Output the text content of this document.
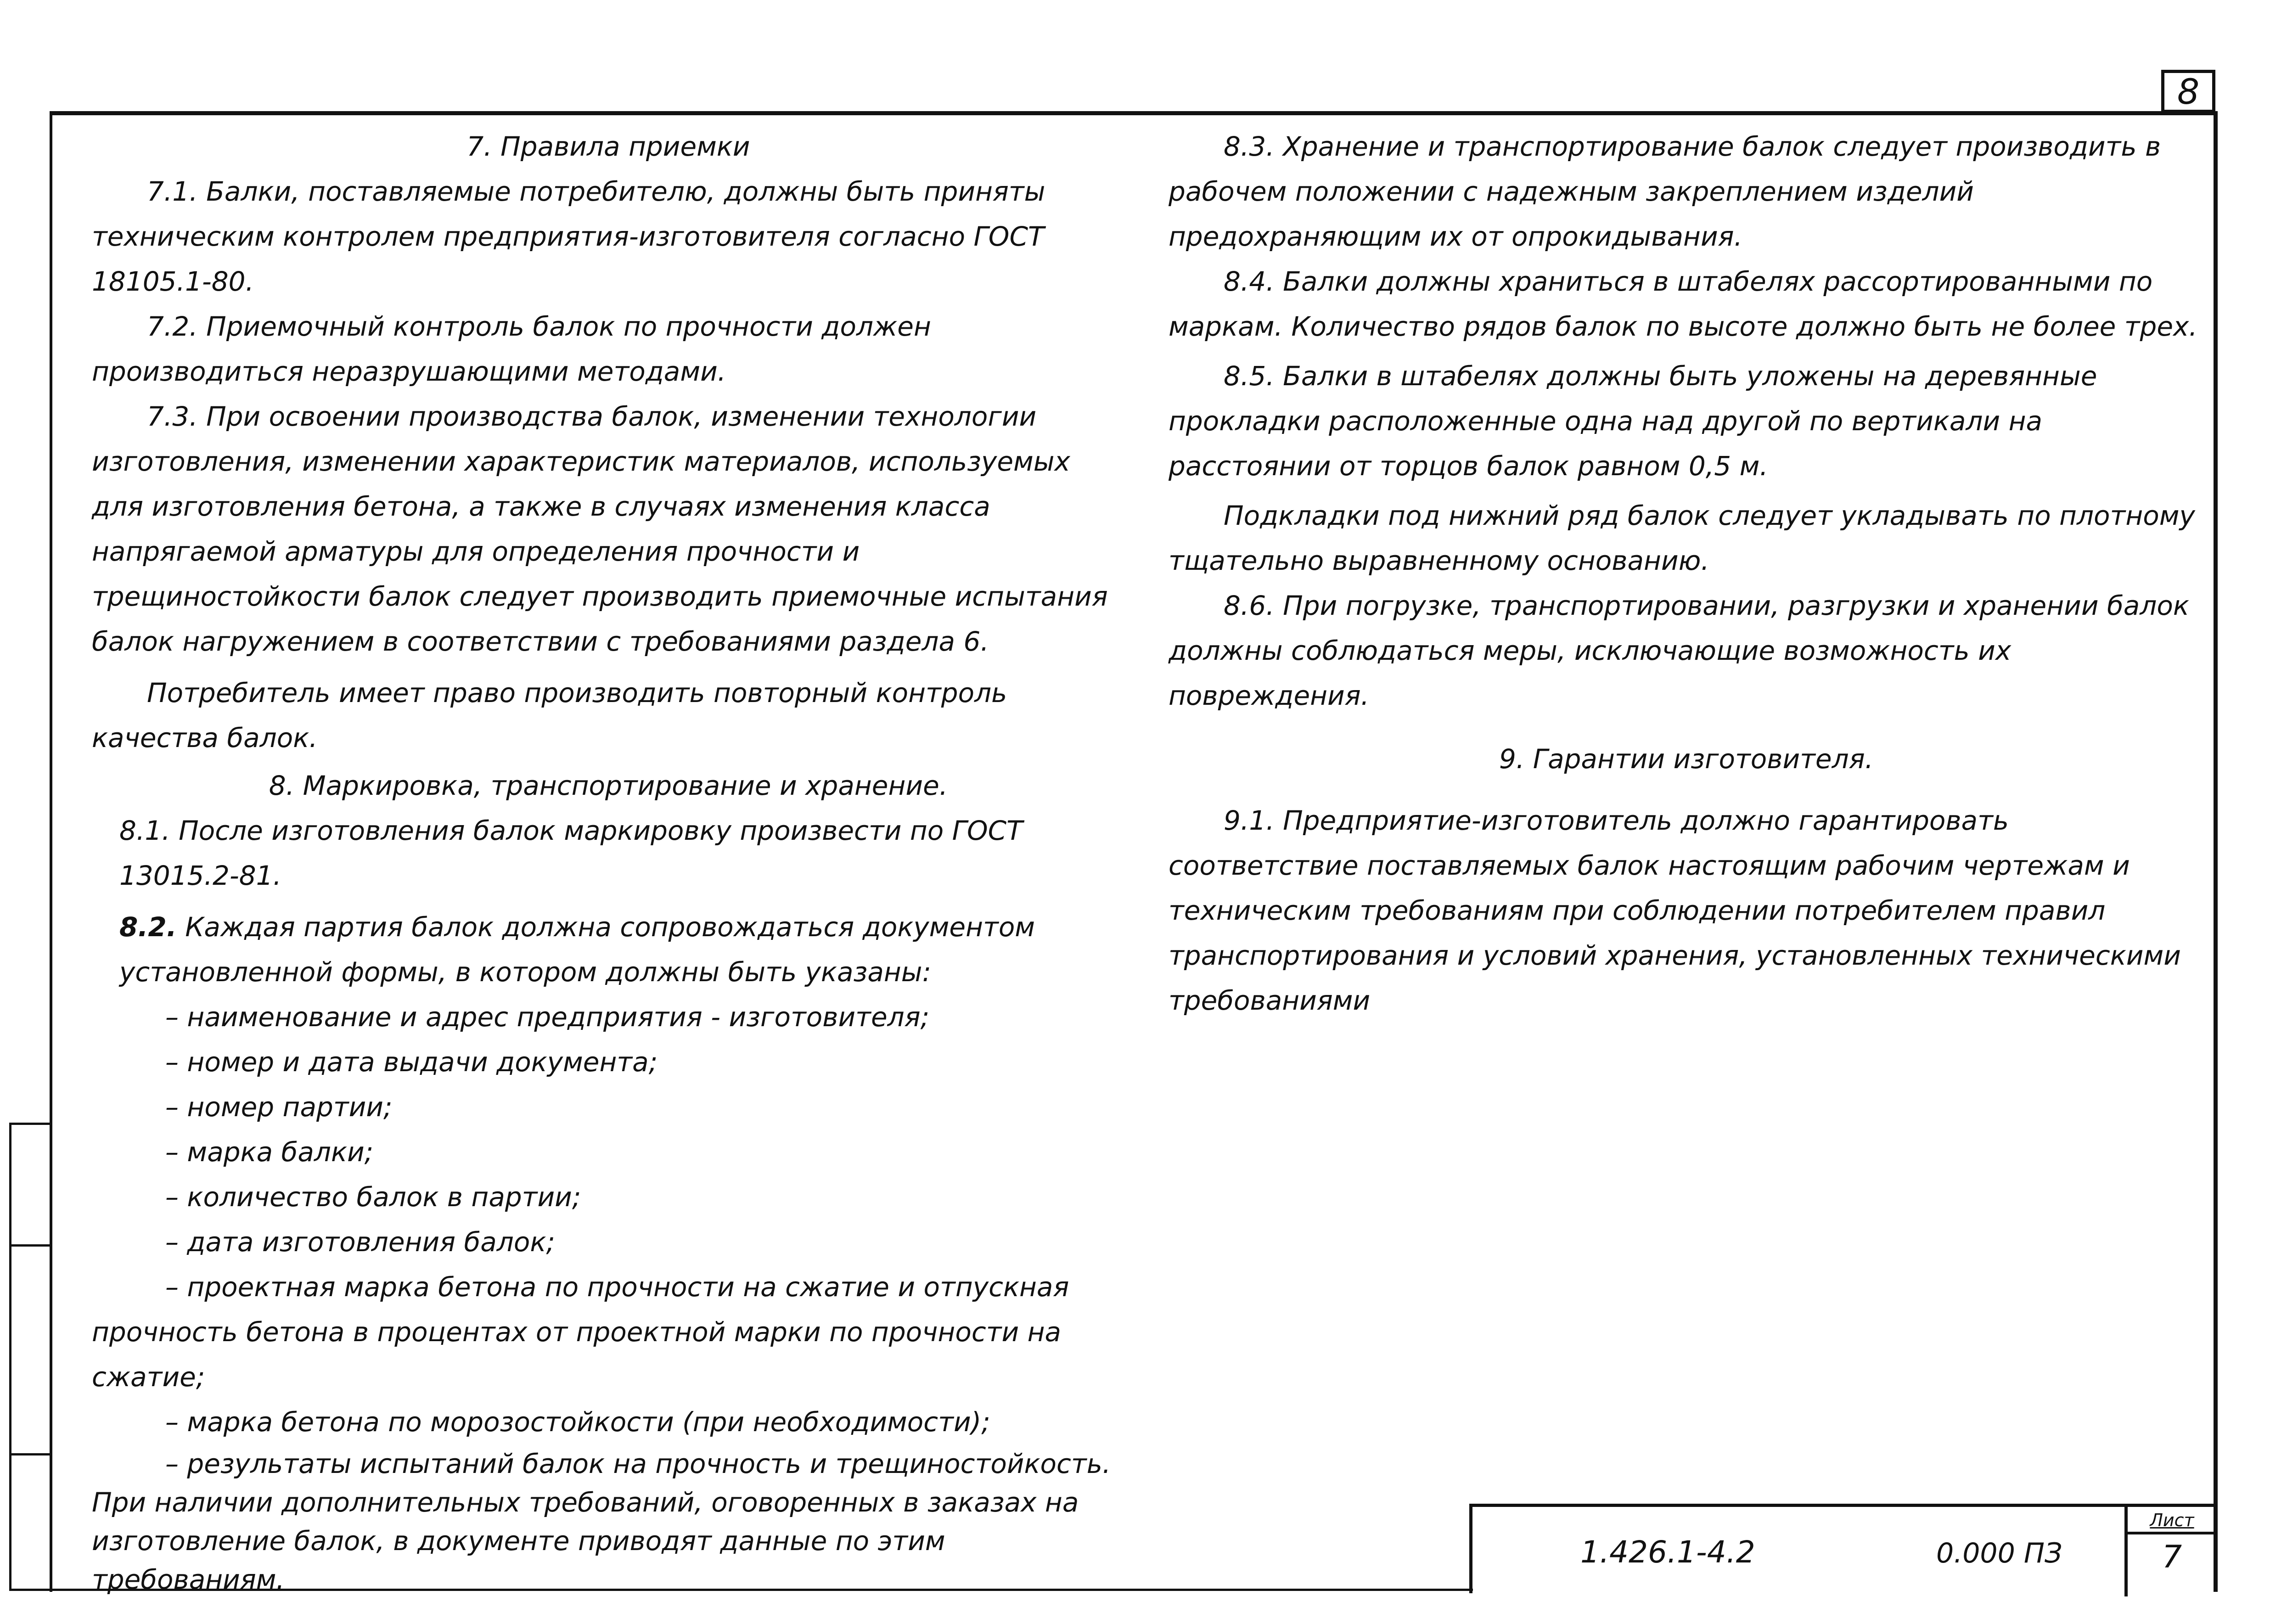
8

7. Правила приемки

7.1. Балки, поставляемые потребителю, должны быть приняты техническим контролем предприятия-изготовителя согласно ГОСТ 18105.1-80.

7.2. Приемочный контроль балок по прочности должен производиться неразрушающими методами.

7.3. При освоении производства балок, изменении технологии изготовления, изменении характеристик материалов, используемых для изготовления бетона, а также в случаях изменения класса напрягаемой арматуры для определения прочности и трещиностойкости балок следует производить приемочные испытания балок нагружением в соответствии с требованиями раздела 6.

Потребитель имеет право производить повторный контроль качества балок.

8. Маркировка, транспортирование и хранение.

8.1. После изготовления балок маркировку произвести по ГОСТ 13015.2-81.

8.2. Каждая партия балок должна сопровождаться документом установленной формы, в котором должны быть указаны:

– наименование и адрес предприятия - изготовителя;

– номер и дата выдачи документа;

– номер партии;

– марка балки;

– количество балок в партии;

– дата изготовления балок;

– проектная марка бетона по прочности на сжатие и отпускная прочность бетона в процентах от проектной марки по прочности на сжатие;

– марка бетона по морозостойкости (при необходимости);

– результаты испытаний балок на прочность и трещиностойкость. При наличии дополнительных требований, оговоренных в заказах на изготовление балок, в документе приводят данные по этим требованиям.

8.3. Хранение и транспортирование балок следует производить в рабочем положении с надежным закреплением изделий предохраняющим их от опрокидывания.

8.4. Балки должны храниться в штабелях рассортированными по маркам. Количество рядов балок по высоте должно быть не более трех.

8.5. Балки в штабелях должны быть уложены на деревянные прокладки расположенные одна над другой по вертикали на расстоянии от торцов балок равном 0,5 м.

Подкладки под нижний ряд балок следует укладывать по плотному тщательно выравненному основанию.

8.6. При погрузке, транспортировании, разгрузки и хранении балок должны соблюдаться меры, исключающие возможность их повреждения.

9. Гарантии изготовителя.

9.1. Предприятие-изготовитель должно гарантировать соответствие поставляемых балок настоящим рабочим чертежам и техническим требованиям при соблюдении потребителем правил транспортирования и условий хранения, установленных техническими требованиями

1.426.1-4.2	0.000 ПЗ
Лист
7
